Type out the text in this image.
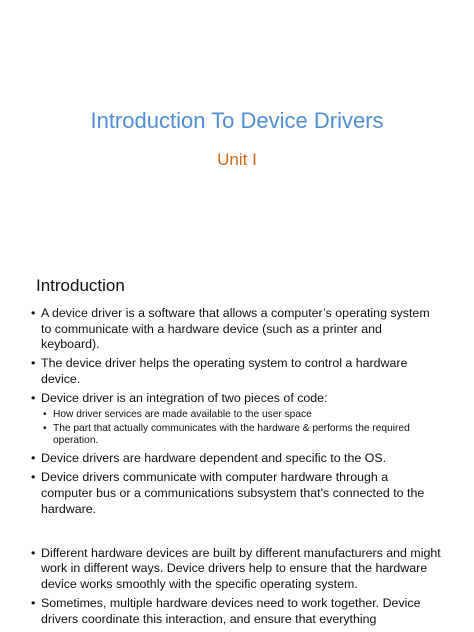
Introduction To Device Drivers
Unit I
Introduction
• A device driver is a software that allows a computer’s operating system to communicate with a hardware device (such as a printer and keyboard).
• The device driver helps the operating system to control a hardware device.
• Device driver is an integration of two pieces of code:
• How driver services are made available to the user space
• The part that actually communicates with the hardware & performs the required operation.
• Device drivers are hardware dependent and specific to the OS.
• Device drivers communicate with computer hardware through a computer bus or a communications subsystem that's connected to the hardware.
• Different hardware devices are built by different manufacturers and might work in different ways. Device drivers help to ensure that the hardware device works smoothly with the specific operating system.
• Sometimes, multiple hardware devices need to work together. Device drivers coordinate this interaction, and ensure that everything
